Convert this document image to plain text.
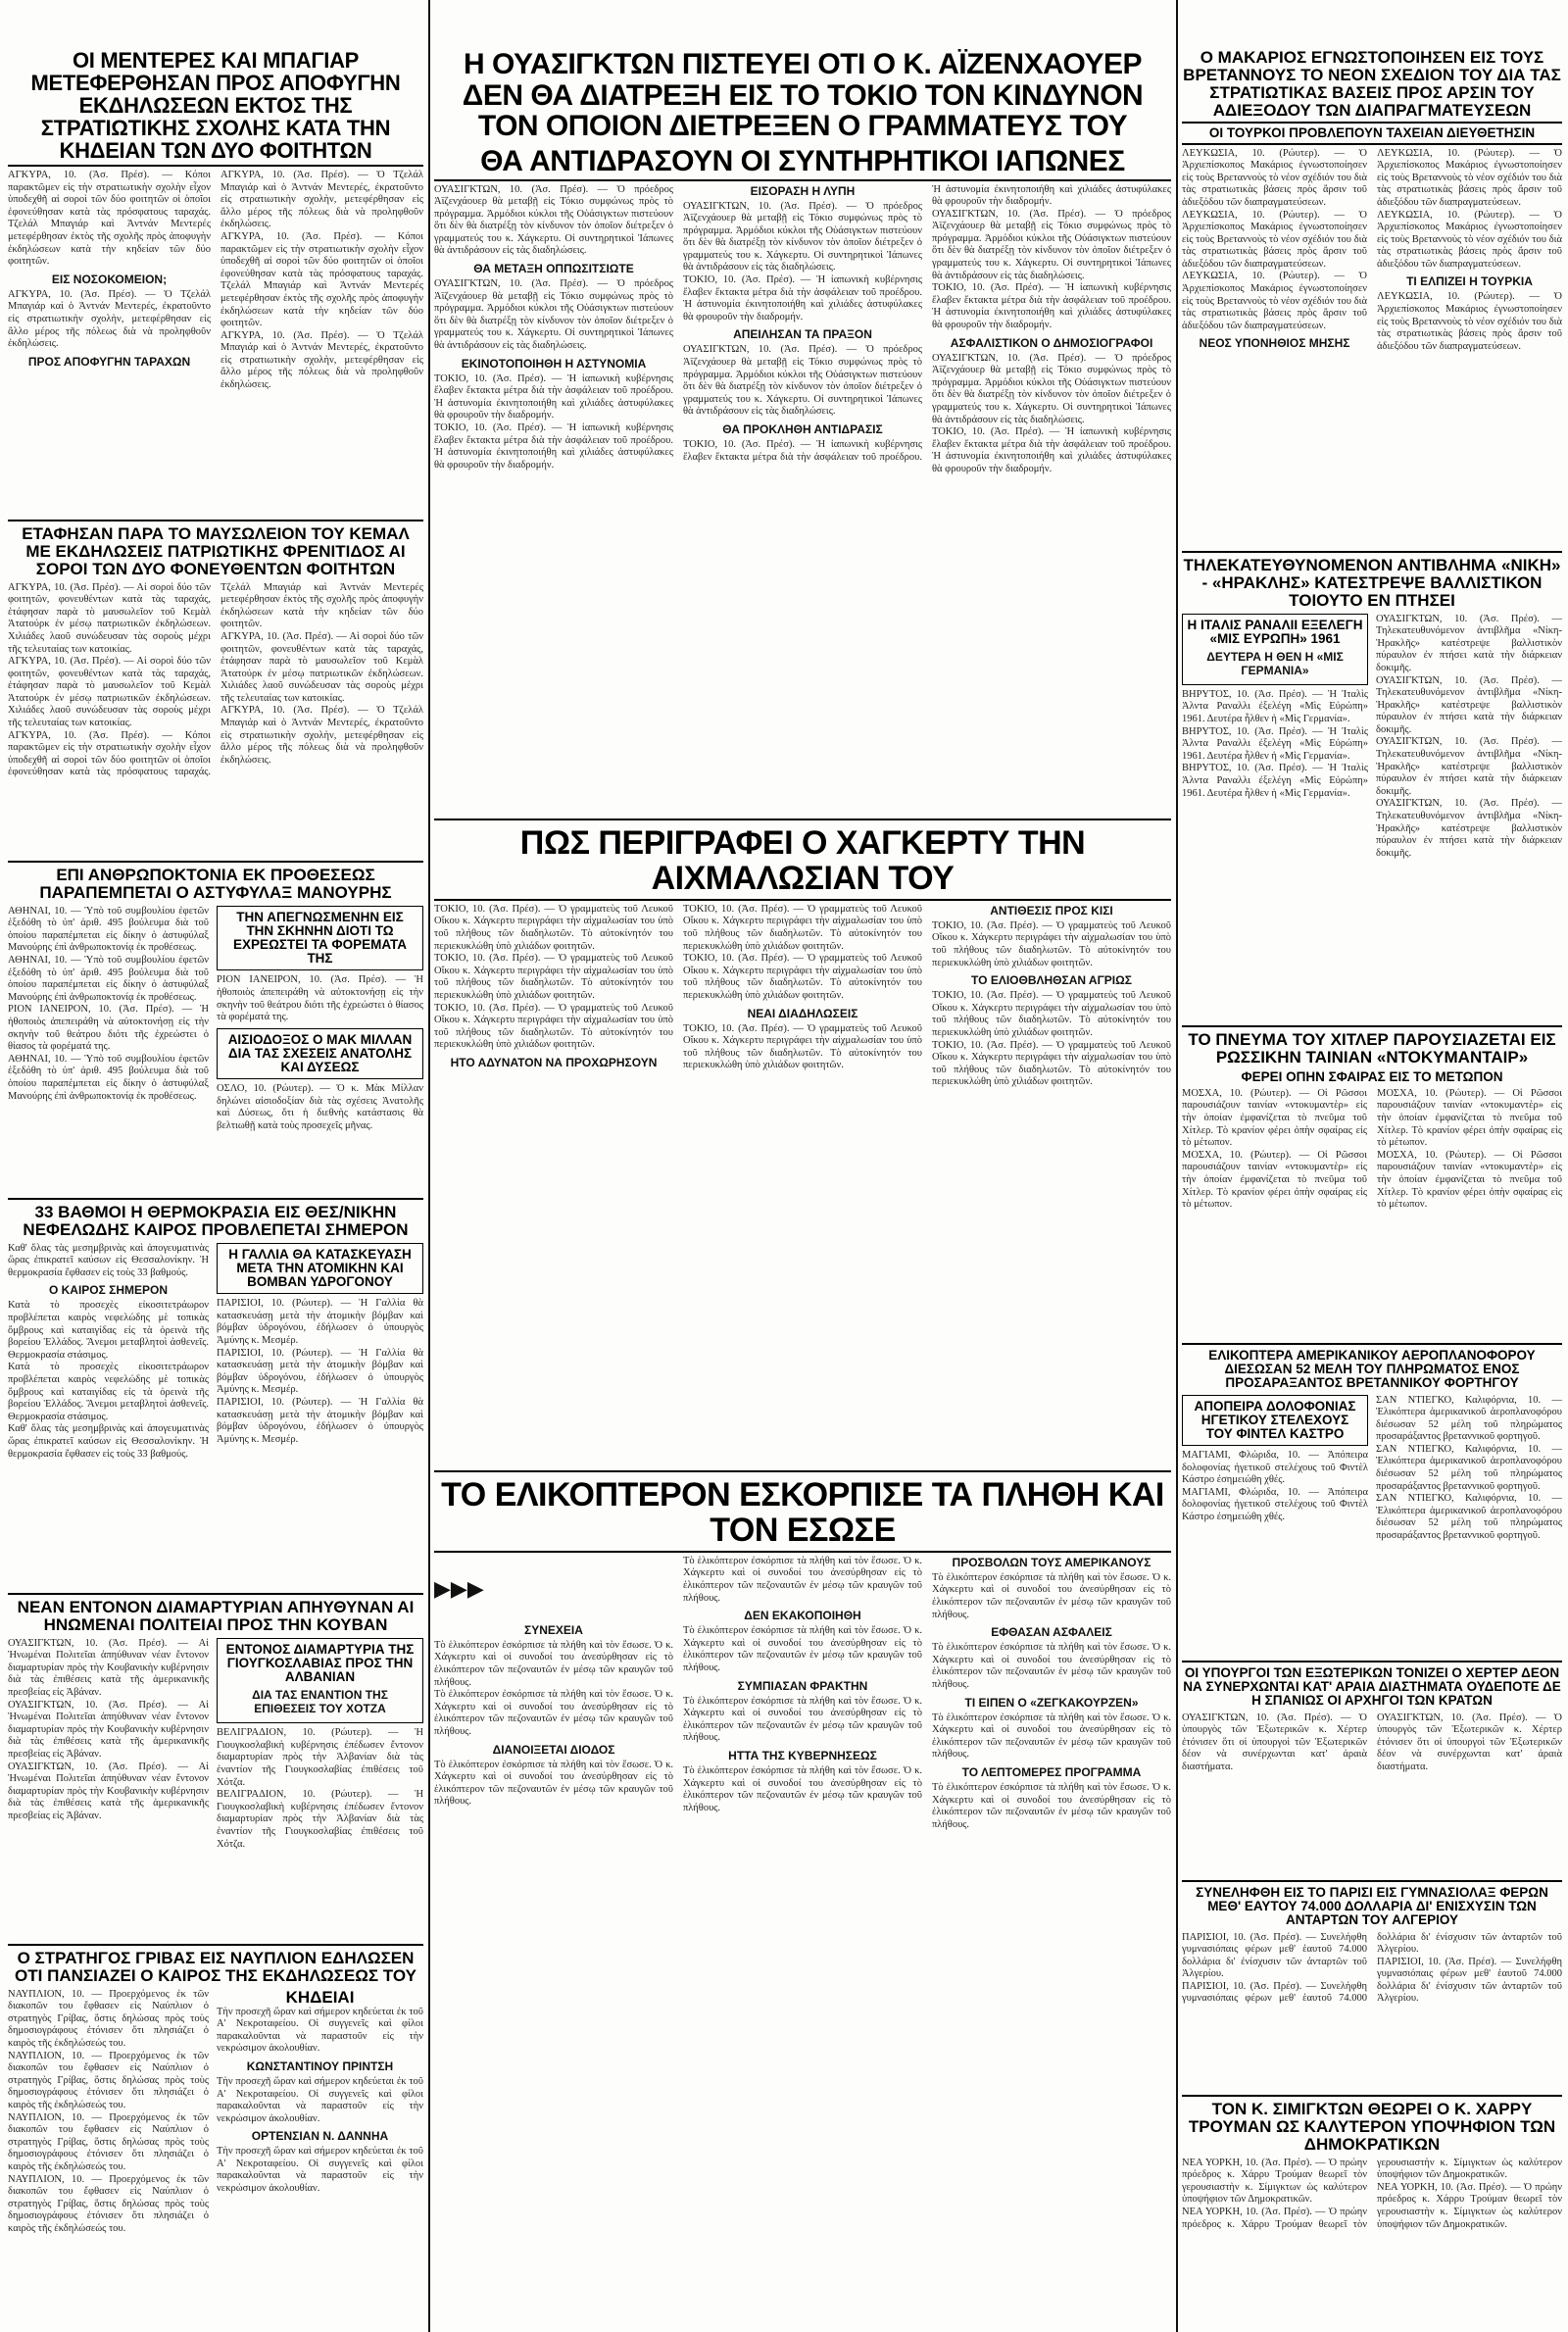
ΟΙ ΜΕΝΤΕΡΕΣ ΚΑΙ ΜΠΑΓΙΑΡ ΜΕΤΕΦΕΡΘΗΣΑΝ ΠΡΟΣ ΑΠΟΦΥΓΗΝ ΕΚΔΗΛΩΣΕΩΝ ΕΚΤΟΣ ΤΗΣ ΣΤΡΑΤΙΩΤΙΚΗΣ ΣΧΟΛΗΣ ΚΑΤΑ ΤΗΝ ΚΗΔΕΙΑΝ ΤΩΝ ΔΥΟ ΦΟΙΤΗΤΩΝ

ΑΓΚΥΡΑ, 10. (Ἀσ. Πρέσ). — Κόποι παρακτῶμεν εἰς τὴν στρατιωτικὴν σχολὴν εἶχον ὑποδεχθῆ αἱ σοροὶ τῶν δύο φοιτητῶν οἱ ὁποῖοι ἐφονεύθησαν κατὰ τὰς πρόσφατους ταραχάς. Τζελάλ Μπαγιάρ καὶ Ἀντνάν Μεντερές μετεφέρθησαν ἐκτὸς τῆς σχολῆς πρὸς ἀποφυγὴν ἐκδηλώσεων κατὰ τὴν κηδείαν τῶν δύο φοιτητῶν.

ΕΙΣ ΝΟΣΟΚΟΜΕΙΟΝ;

ΑΓΚΥΡΑ, 10. (Ἀσ. Πρέσ). — Ὁ Τζελάλ Μπαγιάρ καὶ ὁ Ἀντνάν Μεντερές, ἐκρατοῦντο εἰς στρατιωτικὴν σχολὴν, μετεφέρθησαν εἰς ἄλλο μέρος τῆς πόλεως διὰ νὰ προληφθοῦν ἐκδηλώσεις.

ΠΡΟΣ ΑΠΟΦΥΓΗΝ ΤΑΡΑΧΩΝ

ΑΓΚΥΡΑ, 10. (Ἀσ. Πρέσ). — Ὁ Τζελάλ Μπαγιάρ καὶ ὁ Ἀντνάν Μεντερές, ἐκρατοῦντο εἰς στρατιωτικὴν σχολὴν, μετεφέρθησαν εἰς ἄλλο μέρος τῆς πόλεως διὰ νὰ προληφθοῦν ἐκδηλώσεις.

ΑΓΚΥΡΑ, 10. (Ἀσ. Πρέσ). — Κόποι παρακτῶμεν εἰς τὴν στρατιωτικὴν σχολὴν εἶχον ὑποδεχθῆ αἱ σοροὶ τῶν δύο φοιτητῶν οἱ ὁποῖοι ἐφονεύθησαν κατὰ τὰς πρόσφατους ταραχάς. Τζελάλ Μπαγιάρ καὶ Ἀντνάν Μεντερές μετεφέρθησαν ἐκτὸς τῆς σχολῆς πρὸς ἀποφυγὴν ἐκδηλώσεων κατὰ τὴν κηδείαν τῶν δύο φοιτητῶν.

ΑΓΚΥΡΑ, 10. (Ἀσ. Πρέσ). — Ὁ Τζελάλ Μπαγιάρ καὶ ὁ Ἀντνάν Μεντερές, ἐκρατοῦντο εἰς στρατιωτικὴν σχολὴν, μετεφέρθησαν εἰς ἄλλο μέρος τῆς πόλεως διὰ νὰ προληφθοῦν ἐκδηλώσεις.

ΕΤΑΦΗΣΑΝ ΠΑΡΑ ΤΟ ΜΑΥΣΩΛΕΙΟΝ ΤΟΥ ΚΕΜΑΛ ΜΕ ΕΚΔΗΛΩΣΕΙΣ ΠΑΤΡΙΩΤΙΚΗΣ ΦΡΕΝΙΤΙΔΟΣ ΑΙ ΣΟΡΟΙ ΤΩΝ ΔΥΟ ΦΟΝΕΥΘΕΝΤΩΝ ΦΟΙΤΗΤΩΝ

ΑΓΚΥΡΑ, 10. (Ἀσ. Πρέσ). — Αἱ σοροὶ δύο τῶν φοιτητῶν, φονευθέντων κατὰ τὰς ταραχάς, ἐτάφησαν παρὰ τὸ μαυσωλεῖον τοῦ Κεμὰλ Ἀτατούρκ ἐν μέσῳ πατριωτικῶν ἐκδηλώσεων. Χιλιάδες λαοῦ συνώδευσαν τὰς σοροὺς μέχρι τῆς τελευταίας των κατοικίας.

ΑΓΚΥΡΑ, 10. (Ἀσ. Πρέσ). — Αἱ σοροὶ δύο τῶν φοιτητῶν, φονευθέντων κατὰ τὰς ταραχάς, ἐτάφησαν παρὰ τὸ μαυσωλεῖον τοῦ Κεμὰλ Ἀτατούρκ ἐν μέσῳ πατριωτικῶν ἐκδηλώσεων. Χιλιάδες λαοῦ συνώδευσαν τὰς σοροὺς μέχρι τῆς τελευταίας των κατοικίας.

ΑΓΚΥΡΑ, 10. (Ἀσ. Πρέσ). — Κόποι παρακτῶμεν εἰς τὴν στρατιωτικὴν σχολὴν εἶχον ὑποδεχθῆ αἱ σοροὶ τῶν δύο φοιτητῶν οἱ ὁποῖοι ἐφονεύθησαν κατὰ τὰς πρόσφατους ταραχάς. Τζελάλ Μπαγιάρ καὶ Ἀντνάν Μεντερές μετεφέρθησαν ἐκτὸς τῆς σχολῆς πρὸς ἀποφυγὴν ἐκδηλώσεων κατὰ τὴν κηδείαν τῶν δύο φοιτητῶν.

ΑΓΚΥΡΑ, 10. (Ἀσ. Πρέσ). — Αἱ σοροὶ δύο τῶν φοιτητῶν, φονευθέντων κατὰ τὰς ταραχάς, ἐτάφησαν παρὰ τὸ μαυσωλεῖον τοῦ Κεμὰλ Ἀτατούρκ ἐν μέσῳ πατριωτικῶν ἐκδηλώσεων. Χιλιάδες λαοῦ συνώδευσαν τὰς σοροὺς μέχρι τῆς τελευταίας των κατοικίας.

ΑΓΚΥΡΑ, 10. (Ἀσ. Πρέσ). — Ὁ Τζελάλ Μπαγιάρ καὶ ὁ Ἀντνάν Μεντερές, ἐκρατοῦντο εἰς στρατιωτικὴν σχολὴν, μετεφέρθησαν εἰς ἄλλο μέρος τῆς πόλεως διὰ νὰ προληφθοῦν ἐκδηλώσεις.

ΕΠΙ ΑΝΘΡΩΠΟΚΤΟΝΙΑ ΕΚ ΠΡΟΘΕΣΕΩΣ ΠΑΡΑΠΕΜΠΕΤΑΙ Ο ΑΣΤΥΦΥΛΑΞ ΜΑΝΟΥΡΗΣ

ΑΘΗΝΑΙ, 10. — Ὑπὸ τοῦ συμβουλίου ἐφετῶν ἐξεδόθη τὸ ὑπ' ἀριθ. 495 βούλευμα διὰ τοῦ ὁποίου παραπέμπεται εἰς δίκην ὁ ἀστυφύλαξ Μανούρης ἐπὶ ἀνθρωποκτονίᾳ ἐκ προθέσεως.

ΑΘΗΝΑΙ, 10. — Ὑπὸ τοῦ συμβουλίου ἐφετῶν ἐξεδόθη τὸ ὑπ' ἀριθ. 495 βούλευμα διὰ τοῦ ὁποίου παραπέμπεται εἰς δίκην ὁ ἀστυφύλαξ Μανούρης ἐπὶ ἀνθρωποκτονίᾳ ἐκ προθέσεως.

ΡΙΟΝ ΙΑΝΕΙΡΟΝ, 10. (Ἀσ. Πρέσ). — Ἡ ἠθοποιὸς ἀπεπειράθη νὰ αὐτοκτονήσῃ εἰς τὴν σκηνὴν τοῦ θεάτρου διότι τῆς ἐχρεώστει ὁ θίασος τὰ φορέματά της.

ΑΘΗΝΑΙ, 10. — Ὑπὸ τοῦ συμβουλίου ἐφετῶν ἐξεδόθη τὸ ὑπ' ἀριθ. 495 βούλευμα διὰ τοῦ ὁποίου παραπέμπεται εἰς δίκην ὁ ἀστυφύλαξ Μανούρης ἐπὶ ἀνθρωποκτονίᾳ ἐκ προθέσεως.

ΤΗΝ ΑΠΕΓΝΩΣΜΕΝΗΝ ΕΙΣ ΤΗΝ ΣΚΗΝΗΝ ΔΙΟΤΙ ΤΩ ΕΧΡΕΩΣΤΕΙ ΤΑ ΦΟΡΕΜΑΤΑ ΤΗΣ

ΡΙΟΝ ΙΑΝΕΙΡΟΝ, 10. (Ἀσ. Πρέσ). — Ἡ ἠθοποιὸς ἀπεπειράθη νὰ αὐτοκτονήσῃ εἰς τὴν σκηνὴν τοῦ θεάτρου διότι τῆς ἐχρεώστει ὁ θίασος τὰ φορέματά της.

ΑΙΣΙΟΔΟΞΟΣ Ο ΜΑΚ ΜΙΛΛΑΝ ΔΙΑ ΤΑΣ ΣΧΕΣΕΙΣ ΑΝΑΤΟΛΗΣ ΚΑΙ ΔΥΣΕΩΣ

ΟΣΛΟ, 10. (Ρώυτερ). — Ὁ κ. Μὰκ Μίλλαν δηλώνει αἰσιοδοξίαν διὰ τὰς σχέσεις Ἀνατολῆς καὶ Δύσεως, ὅτι ἡ διεθνὴς κατάστασις θὰ βελτιωθῇ κατὰ τοὺς προσεχεῖς μῆνας.

33 ΒΑΘΜΟΙ Η ΘΕΡΜΟΚΡΑΣΙΑ ΕΙΣ ΘΕΣ/ΝΙΚΗΝ ΝΕΦΕΛΩΔΗΣ ΚΑΙΡΟΣ ΠΡΟΒΛΕΠΕΤΑΙ ΣΗΜΕΡΟΝ

Καθ' ὅλας τὰς μεσημβρινὰς καὶ ἀπογευματινὰς ὥρας ἐπικρατεῖ καύσων εἰς Θεσσαλονίκην. Ἡ θερμοκρασία ἔφθασεν εἰς τοὺς 33 βαθμούς.

Ο ΚΑΙΡΟΣ ΣΗΜΕΡΟΝ

Κατὰ τὸ προσεχὲς εἰκοσιτετράωρον προβλέπεται καιρὸς νεφελώδης μὲ τοπικὰς ὄμβρους καὶ καταιγίδας εἰς τὰ ὀρεινὰ τῆς βορείου Ἑλλάδος. Ἄνεμοι μεταβλητοὶ ἀσθενεῖς. Θερμοκρασία στάσιμος.

Κατὰ τὸ προσεχὲς εἰκοσιτετράωρον προβλέπεται καιρὸς νεφελώδης μὲ τοπικὰς ὄμβρους καὶ καταιγίδας εἰς τὰ ὀρεινὰ τῆς βορείου Ἑλλάδος. Ἄνεμοι μεταβλητοὶ ἀσθενεῖς. Θερμοκρασία στάσιμος.

Καθ' ὅλας τὰς μεσημβρινὰς καὶ ἀπογευματινὰς ὥρας ἐπικρατεῖ καύσων εἰς Θεσσαλονίκην. Ἡ θερμοκρασία ἔφθασεν εἰς τοὺς 33 βαθμούς.

Η ΓΑΛΛΙΑ ΘΑ ΚΑΤΑΣΚΕΥΑΣΗ ΜΕΤΑ ΤΗΝ ΑΤΟΜΙΚΗΝ ΚΑΙ ΒΟΜΒΑΝ ΥΔΡΟΓΟΝΟΥ

ΠΑΡΙΣΙΟΙ, 10. (Ρώυτερ). — Ἡ Γαλλία θὰ κατασκευάσῃ μετὰ τὴν ἀτομικὴν βόμβαν καὶ βόμβαν ὑδρογόνου, ἐδήλωσεν ὁ ὑπουργὸς Ἀμύνης κ. Μεσμέρ.

ΠΑΡΙΣΙΟΙ, 10. (Ρώυτερ). — Ἡ Γαλλία θὰ κατασκευάσῃ μετὰ τὴν ἀτομικὴν βόμβαν καὶ βόμβαν ὑδρογόνου, ἐδήλωσεν ὁ ὑπουργὸς Ἀμύνης κ. Μεσμέρ.

ΠΑΡΙΣΙΟΙ, 10. (Ρώυτερ). — Ἡ Γαλλία θὰ κατασκευάσῃ μετὰ τὴν ἀτομικὴν βόμβαν καὶ βόμβαν ὑδρογόνου, ἐδήλωσεν ὁ ὑπουργὸς Ἀμύνης κ. Μεσμέρ.

ΝΕΑΝ ΕΝΤΟΝΟΝ ΔΙΑΜΑΡΤΥΡΙΑΝ ΑΠΗΥΘΥΝΑΝ ΑΙ ΗΝΩΜΕΝΑΙ ΠΟΛΙΤΕΙΑΙ ΠΡΟΣ ΤΗΝ ΚΟΥΒΑΝ

ΟΥΑΣΙΓΚΤΩΝ, 10. (Ἀσ. Πρέσ). — Αἱ Ἡνωμέναι Πολιτεῖαι ἀπηύθυναν νέαν ἔντονον διαμαρτυρίαν πρὸς τὴν Κουβανικὴν κυβέρνησιν διὰ τὰς ἐπιθέσεις κατὰ τῆς ἀμερικανικῆς πρεσβείας εἰς Ἀβάναν.

ΟΥΑΣΙΓΚΤΩΝ, 10. (Ἀσ. Πρέσ). — Αἱ Ἡνωμέναι Πολιτεῖαι ἀπηύθυναν νέαν ἔντονον διαμαρτυρίαν πρὸς τὴν Κουβανικὴν κυβέρνησιν διὰ τὰς ἐπιθέσεις κατὰ τῆς ἀμερικανικῆς πρεσβείας εἰς Ἀβάναν.

ΟΥΑΣΙΓΚΤΩΝ, 10. (Ἀσ. Πρέσ). — Αἱ Ἡνωμέναι Πολιτεῖαι ἀπηύθυναν νέαν ἔντονον διαμαρτυρίαν πρὸς τὴν Κουβανικὴν κυβέρνησιν διὰ τὰς ἐπιθέσεις κατὰ τῆς ἀμερικανικῆς πρεσβείας εἰς Ἀβάναν.

ΕΝΤΟΝΟΣ ΔΙΑΜΑΡΤΥΡΙΑ ΤΗΣ ΓΙΟΥΓΚΟΣΛΑΒΙΑΣ ΠΡΟΣ ΤΗΝ ΑΛΒΑΝΙΑΝ

ΔΙΑ ΤΑΣ ΕΝΑΝΤΙΟΝ ΤΗΣ ΕΠΙΘΕΣΕΙΣ ΤΟΥ ΧΟΤΖΑ

ΒΕΛΙΓΡΑΔΙΟΝ, 10. (Ρώυτερ). — Ἡ Γιουγκοσλαβικὴ κυβέρνησις ἐπέδωσεν ἔντονον διαμαρτυρίαν πρὸς τὴν Ἀλβανίαν διὰ τὰς ἐναντίον τῆς Γιουγκοσλαβίας ἐπιθέσεις τοῦ Χότζα.

ΒΕΛΙΓΡΑΔΙΟΝ, 10. (Ρώυτερ). — Ἡ Γιουγκοσλαβικὴ κυβέρνησις ἐπέδωσεν ἔντονον διαμαρτυρίαν πρὸς τὴν Ἀλβανίαν διὰ τὰς ἐναντίον τῆς Γιουγκοσλαβίας ἐπιθέσεις τοῦ Χότζα.

Ο ΣΤΡΑΤΗΓΟΣ ΓΡΙΒΑΣ ΕΙΣ ΝΑΥΠΛΙΟΝ ΕΔΗΛΩΣΕΝ ΟΤΙ ΠΑΝΣΙΑΖΕΙ Ο ΚΑΙΡΟΣ ΤΗΣ ΕΚΔΗΛΩΣΕΩΣ ΤΟΥ

ΝΑΥΠΛΙΟΝ, 10. — Προερχόμενος ἐκ τῶν διακοπῶν του ἔφθασεν εἰς Ναύπλιον ὁ στρατηγὸς Γρίβας, ὅστις δηλώσας πρὸς τοὺς δημοσιογράφους ἐτόνισεν ὅτι πλησιάζει ὁ καιρὸς τῆς ἐκδηλώσεώς του.

ΝΑΥΠΛΙΟΝ, 10. — Προερχόμενος ἐκ τῶν διακοπῶν του ἔφθασεν εἰς Ναύπλιον ὁ στρατηγὸς Γρίβας, ὅστις δηλώσας πρὸς τοὺς δημοσιογράφους ἐτόνισεν ὅτι πλησιάζει ὁ καιρὸς τῆς ἐκδηλώσεώς του.

ΝΑΥΠΛΙΟΝ, 10. — Προερχόμενος ἐκ τῶν διακοπῶν του ἔφθασεν εἰς Ναύπλιον ὁ στρατηγὸς Γρίβας, ὅστις δηλώσας πρὸς τοὺς δημοσιογράφους ἐτόνισεν ὅτι πλησιάζει ὁ καιρὸς τῆς ἐκδηλώσεώς του.

ΝΑΥΠΛΙΟΝ, 10. — Προερχόμενος ἐκ τῶν διακοπῶν του ἔφθασεν εἰς Ναύπλιον ὁ στρατηγὸς Γρίβας, ὅστις δηλώσας πρὸς τοὺς δημοσιογράφους ἐτόνισεν ὅτι πλησιάζει ὁ καιρὸς τῆς ἐκδηλώσεώς του.

ΚΗΔΕΙΑΙ

Τὴν προσεχῆ ὥραν καὶ σήμερον κηδεύεται ἐκ τοῦ Α' Νεκροταφείου. Οἱ συγγενεῖς καὶ φίλοι παρακαλοῦνται νὰ παραστοῦν εἰς τὴν νεκρώσιμον ἀκολουθίαν.

ΚΩΝΣΤΑΝΤΙΝΟΥ ΠΡΙΝΤΣΗ

Τὴν προσεχῆ ὥραν καὶ σήμερον κηδεύεται ἐκ τοῦ Α' Νεκροταφείου. Οἱ συγγενεῖς καὶ φίλοι παρακαλοῦνται νὰ παραστοῦν εἰς τὴν νεκρώσιμον ἀκολουθίαν.

ΟΡΤΕΝΣΙΑΝ Ν. ΔΑΝΝΗΑ

Τὴν προσεχῆ ὥραν καὶ σήμερον κηδεύεται ἐκ τοῦ Α' Νεκροταφείου. Οἱ συγγενεῖς καὶ φίλοι παρακαλοῦνται νὰ παραστοῦν εἰς τὴν νεκρώσιμον ἀκολουθίαν.

Η ΟΥΑΣΙΓΚΤΩΝ ΠΙΣΤΕΥΕΙ ΟΤΙ Ο Κ. ΑΪΖΕΝΧΑΟΥΕΡ ΔΕΝ ΘΑ ΔΙΑΤΡΕΞΗ ΕΙΣ ΤΟ ΤΟΚΙΟ ΤΟΝ ΚΙΝΔΥΝΟΝ ΤΟΝ ΟΠΟΙΟΝ ΔΙΕΤΡΕΞΕΝ Ο ΓΡΑΜΜΑΤΕΥΣ ΤΟΥ
ΘΑ ΑΝΤΙΔΡΑΣΟΥΝ ΟΙ ΣΥΝΤΗΡΗΤΙΚΟΙ ΙΑΠΩΝΕΣ

ΟΥΑΣΙΓΚΤΩΝ, 10. (Ἀσ. Πρέσ). — Ὁ πρόεδρος Ἀϊζενχάουερ θὰ μεταβῇ εἰς Τόκιο συμφώνως πρὸς τὸ πρόγραμμα. Ἀρμόδιοι κύκλοι τῆς Οὐάσιγκτων πιστεύουν ὅτι δὲν θὰ διατρέξῃ τὸν κίνδυνον τὸν ὁποῖον διέτρεξεν ὁ γραμματεύς του κ. Χάγκερτυ. Οἱ συντηρητικοὶ Ἰάπωνες θὰ ἀντιδράσουν εἰς τὰς διαδηλώσεις.

ΘΑ ΜΕΤΑΞΗ ΟΠΠΩΣΙΤΣΙΩΤΕ

ΟΥΑΣΙΓΚΤΩΝ, 10. (Ἀσ. Πρέσ). — Ὁ πρόεδρος Ἀϊζενχάουερ θὰ μεταβῇ εἰς Τόκιο συμφώνως πρὸς τὸ πρόγραμμα. Ἀρμόδιοι κύκλοι τῆς Οὐάσιγκτων πιστεύουν ὅτι δὲν θὰ διατρέξῃ τὸν κίνδυνον τὸν ὁποῖον διέτρεξεν ὁ γραμματεύς του κ. Χάγκερτυ. Οἱ συντηρητικοὶ Ἰάπωνες θὰ ἀντιδράσουν εἰς τὰς διαδηλώσεις.

ΕΚΙΝΟΤΟΠΟΙΗΘΗ Η ΑΣΤΥΝΟΜΙΑ

ΤΟΚΙΟ, 10. (Ἀσ. Πρέσ). — Ἡ ἰαπωνικὴ κυβέρνησις ἔλαβεν ἔκτακτα μέτρα διὰ τὴν ἀσφάλειαν τοῦ προέδρου. Ἡ ἀστυνομία ἐκινητοποιήθη καὶ χιλιάδες ἀστυφύλακες θὰ φρουροῦν τὴν διαδρομήν.

ΤΟΚΙΟ, 10. (Ἀσ. Πρέσ). — Ἡ ἰαπωνικὴ κυβέρνησις ἔλαβεν ἔκτακτα μέτρα διὰ τὴν ἀσφάλειαν τοῦ προέδρου. Ἡ ἀστυνομία ἐκινητοποιήθη καὶ χιλιάδες ἀστυφύλακες θὰ φρουροῦν τὴν διαδρομήν.

ΕΙΣΟΡΑΣΗ Η ΛΥΠΗ

ΟΥΑΣΙΓΚΤΩΝ, 10. (Ἀσ. Πρέσ). — Ὁ πρόεδρος Ἀϊζενχάουερ θὰ μεταβῇ εἰς Τόκιο συμφώνως πρὸς τὸ πρόγραμμα. Ἀρμόδιοι κύκλοι τῆς Οὐάσιγκτων πιστεύουν ὅτι δὲν θὰ διατρέξῃ τὸν κίνδυνον τὸν ὁποῖον διέτρεξεν ὁ γραμματεύς του κ. Χάγκερτυ. Οἱ συντηρητικοὶ Ἰάπωνες θὰ ἀντιδράσουν εἰς τὰς διαδηλώσεις.

ΤΟΚΙΟ, 10. (Ἀσ. Πρέσ). — Ἡ ἰαπωνικὴ κυβέρνησις ἔλαβεν ἔκτακτα μέτρα διὰ τὴν ἀσφάλειαν τοῦ προέδρου. Ἡ ἀστυνομία ἐκινητοποιήθη καὶ χιλιάδες ἀστυφύλακες θὰ φρουροῦν τὴν διαδρομήν.

ΑΠΕΙΛΗΣΑΝ ΤΑ ΠΡΑΞΟΝ

ΟΥΑΣΙΓΚΤΩΝ, 10. (Ἀσ. Πρέσ). — Ὁ πρόεδρος Ἀϊζενχάουερ θὰ μεταβῇ εἰς Τόκιο συμφώνως πρὸς τὸ πρόγραμμα. Ἀρμόδιοι κύκλοι τῆς Οὐάσιγκτων πιστεύουν ὅτι δὲν θὰ διατρέξῃ τὸν κίνδυνον τὸν ὁποῖον διέτρεξεν ὁ γραμματεύς του κ. Χάγκερτυ. Οἱ συντηρητικοὶ Ἰάπωνες θὰ ἀντιδράσουν εἰς τὰς διαδηλώσεις.

ΘΑ ΠΡΟΚΛΗΘΗ ΑΝΤΙΔΡΑΣΙΣ

ΤΟΚΙΟ, 10. (Ἀσ. Πρέσ). — Ἡ ἰαπωνικὴ κυβέρνησις ἔλαβεν ἔκτακτα μέτρα διὰ τὴν ἀσφάλειαν τοῦ προέδρου. Ἡ ἀστυνομία ἐκινητοποιήθη καὶ χιλιάδες ἀστυφύλακες θὰ φρουροῦν τὴν διαδρομήν.

ΟΥΑΣΙΓΚΤΩΝ, 10. (Ἀσ. Πρέσ). — Ὁ πρόεδρος Ἀϊζενχάουερ θὰ μεταβῇ εἰς Τόκιο συμφώνως πρὸς τὸ πρόγραμμα. Ἀρμόδιοι κύκλοι τῆς Οὐάσιγκτων πιστεύουν ὅτι δὲν θὰ διατρέξῃ τὸν κίνδυνον τὸν ὁποῖον διέτρεξεν ὁ γραμματεύς του κ. Χάγκερτυ. Οἱ συντηρητικοὶ Ἰάπωνες θὰ ἀντιδράσουν εἰς τὰς διαδηλώσεις.

ΤΟΚΙΟ, 10. (Ἀσ. Πρέσ). — Ἡ ἰαπωνικὴ κυβέρνησις ἔλαβεν ἔκτακτα μέτρα διὰ τὴν ἀσφάλειαν τοῦ προέδρου. Ἡ ἀστυνομία ἐκινητοποιήθη καὶ χιλιάδες ἀστυφύλακες θὰ φρουροῦν τὴν διαδρομήν.

ΑΣΦΑΛΙΣΤΙΚΟΝ Ο ΔΗΜΟΣΙΟΓΡΑΦΟΙ

ΟΥΑΣΙΓΚΤΩΝ, 10. (Ἀσ. Πρέσ). — Ὁ πρόεδρος Ἀϊζενχάουερ θὰ μεταβῇ εἰς Τόκιο συμφώνως πρὸς τὸ πρόγραμμα. Ἀρμόδιοι κύκλοι τῆς Οὐάσιγκτων πιστεύουν ὅτι δὲν θὰ διατρέξῃ τὸν κίνδυνον τὸν ὁποῖον διέτρεξεν ὁ γραμματεύς του κ. Χάγκερτυ. Οἱ συντηρητικοὶ Ἰάπωνες θὰ ἀντιδράσουν εἰς τὰς διαδηλώσεις.

ΤΟΚΙΟ, 10. (Ἀσ. Πρέσ). — Ἡ ἰαπωνικὴ κυβέρνησις ἔλαβεν ἔκτακτα μέτρα διὰ τὴν ἀσφάλειαν τοῦ προέδρου. Ἡ ἀστυνομία ἐκινητοποιήθη καὶ χιλιάδες ἀστυφύλακες θὰ φρουροῦν τὴν διαδρομήν.

ΠΩΣ ΠΕΡΙΓΡΑΦΕΙ Ο ΧΑΓΚΕΡΤΥ ΤΗΝ ΑΙΧΜΑΛΩΣΙΑΝ ΤΟΥ

ΤΟΚΙΟ, 10. (Ἀσ. Πρέσ). — Ὁ γραμματεὺς τοῦ Λευκοῦ Οἴκου κ. Χάγκερτυ περιγράφει τὴν αἰχμαλωσίαν του ὑπὸ τοῦ πλήθους τῶν διαδηλωτῶν. Τὸ αὐτοκίνητόν του περιεκυκλώθη ὑπὸ χιλιάδων φοιτητῶν.

ΤΟΚΙΟ, 10. (Ἀσ. Πρέσ). — Ὁ γραμματεὺς τοῦ Λευκοῦ Οἴκου κ. Χάγκερτυ περιγράφει τὴν αἰχμαλωσίαν του ὑπὸ τοῦ πλήθους τῶν διαδηλωτῶν. Τὸ αὐτοκίνητόν του περιεκυκλώθη ὑπὸ χιλιάδων φοιτητῶν.

ΤΟΚΙΟ, 10. (Ἀσ. Πρέσ). — Ὁ γραμματεὺς τοῦ Λευκοῦ Οἴκου κ. Χάγκερτυ περιγράφει τὴν αἰχμαλωσίαν του ὑπὸ τοῦ πλήθους τῶν διαδηλωτῶν. Τὸ αὐτοκίνητόν του περιεκυκλώθη ὑπὸ χιλιάδων φοιτητῶν.

ΗΤΟ ΑΔΥΝΑΤΟΝ ΝΑ ΠΡΟΧΩΡΗΣΟΥΝ

ΤΟΚΙΟ, 10. (Ἀσ. Πρέσ). — Ὁ γραμματεὺς τοῦ Λευκοῦ Οἴκου κ. Χάγκερτυ περιγράφει τὴν αἰχμαλωσίαν του ὑπὸ τοῦ πλήθους τῶν διαδηλωτῶν. Τὸ αὐτοκίνητόν του περιεκυκλώθη ὑπὸ χιλιάδων φοιτητῶν.

ΤΟΚΙΟ, 10. (Ἀσ. Πρέσ). — Ὁ γραμματεὺς τοῦ Λευκοῦ Οἴκου κ. Χάγκερτυ περιγράφει τὴν αἰχμαλωσίαν του ὑπὸ τοῦ πλήθους τῶν διαδηλωτῶν. Τὸ αὐτοκίνητόν του περιεκυκλώθη ὑπὸ χιλιάδων φοιτητῶν.

ΝΕΑΙ ΔΙΑΔΗΛΩΣΕΙΣ

ΤΟΚΙΟ, 10. (Ἀσ. Πρέσ). — Ὁ γραμματεὺς τοῦ Λευκοῦ Οἴκου κ. Χάγκερτυ περιγράφει τὴν αἰχμαλωσίαν του ὑπὸ τοῦ πλήθους τῶν διαδηλωτῶν. Τὸ αὐτοκίνητόν του περιεκυκλώθη ὑπὸ χιλιάδων φοιτητῶν.

ΑΝΤΙΘΕΣΙΣ ΠΡΟΣ ΚΙΣΙ

ΤΟΚΙΟ, 10. (Ἀσ. Πρέσ). — Ὁ γραμματεὺς τοῦ Λευκοῦ Οἴκου κ. Χάγκερτυ περιγράφει τὴν αἰχμαλωσίαν του ὑπὸ τοῦ πλήθους τῶν διαδηλωτῶν. Τὸ αὐτοκίνητόν του περιεκυκλώθη ὑπὸ χιλιάδων φοιτητῶν.

ΤΟ ΕΛΙΟΘΒΛΗΘΣΑΝ ΑΓΡΙΩΣ

ΤΟΚΙΟ, 10. (Ἀσ. Πρέσ). — Ὁ γραμματεὺς τοῦ Λευκοῦ Οἴκου κ. Χάγκερτυ περιγράφει τὴν αἰχμαλωσίαν του ὑπὸ τοῦ πλήθους τῶν διαδηλωτῶν. Τὸ αὐτοκίνητόν του περιεκυκλώθη ὑπὸ χιλιάδων φοιτητῶν.

ΤΟΚΙΟ, 10. (Ἀσ. Πρέσ). — Ὁ γραμματεὺς τοῦ Λευκοῦ Οἴκου κ. Χάγκερτυ περιγράφει τὴν αἰχμαλωσίαν του ὑπὸ τοῦ πλήθους τῶν διαδηλωτῶν. Τὸ αὐτοκίνητόν του περιεκυκλώθη ὑπὸ χιλιάδων φοιτητῶν.

ΤΟ ΕΛΙΚΟΠΤΕΡΟΝ ΕΣΚΟΡΠΙΣΕ ΤΑ ΠΛΗΘΗ ΚΑΙ ΤΟΝ ΕΣΩΣΕ

▶▶▶

ΣΥΝΕΧΕΙΑ

Τὸ ἑλικόπτερον ἐσκόρπισε τὰ πλήθη καὶ τὸν ἔσωσε. Ὁ κ. Χάγκερτυ καὶ οἱ συνοδοί του ἀνεσύρθησαν εἰς τὸ ἑλικόπτερον τῶν πεζοναυτῶν ἐν μέσῳ τῶν κραυγῶν τοῦ πλήθους.

Τὸ ἑλικόπτερον ἐσκόρπισε τὰ πλήθη καὶ τὸν ἔσωσε. Ὁ κ. Χάγκερτυ καὶ οἱ συνοδοί του ἀνεσύρθησαν εἰς τὸ ἑλικόπτερον τῶν πεζοναυτῶν ἐν μέσῳ τῶν κραυγῶν τοῦ πλήθους.

ΔΙΑΝΟΙΞΕΤΑΙ ΔΙΟΔΟΣ

Τὸ ἑλικόπτερον ἐσκόρπισε τὰ πλήθη καὶ τὸν ἔσωσε. Ὁ κ. Χάγκερτυ καὶ οἱ συνοδοί του ἀνεσύρθησαν εἰς τὸ ἑλικόπτερον τῶν πεζοναυτῶν ἐν μέσῳ τῶν κραυγῶν τοῦ πλήθους.

Τὸ ἑλικόπτερον ἐσκόρπισε τὰ πλήθη καὶ τὸν ἔσωσε. Ὁ κ. Χάγκερτυ καὶ οἱ συνοδοί του ἀνεσύρθησαν εἰς τὸ ἑλικόπτερον τῶν πεζοναυτῶν ἐν μέσῳ τῶν κραυγῶν τοῦ πλήθους.

ΔΕΝ ΕΚΑΚΟΠΟΙΗΘΗ

Τὸ ἑλικόπτερον ἐσκόρπισε τὰ πλήθη καὶ τὸν ἔσωσε. Ὁ κ. Χάγκερτυ καὶ οἱ συνοδοί του ἀνεσύρθησαν εἰς τὸ ἑλικόπτερον τῶν πεζοναυτῶν ἐν μέσῳ τῶν κραυγῶν τοῦ πλήθους.

ΣΥΜΠΙΑΣΑΝ ΦΡΑΚΤΗΝ

Τὸ ἑλικόπτερον ἐσκόρπισε τὰ πλήθη καὶ τὸν ἔσωσε. Ὁ κ. Χάγκερτυ καὶ οἱ συνοδοί του ἀνεσύρθησαν εἰς τὸ ἑλικόπτερον τῶν πεζοναυτῶν ἐν μέσῳ τῶν κραυγῶν τοῦ πλήθους.

ΗΤΤΑ ΤΗΣ ΚΥΒΕΡΝΗΣΕΩΣ

Τὸ ἑλικόπτερον ἐσκόρπισε τὰ πλήθη καὶ τὸν ἔσωσε. Ὁ κ. Χάγκερτυ καὶ οἱ συνοδοί του ἀνεσύρθησαν εἰς τὸ ἑλικόπτερον τῶν πεζοναυτῶν ἐν μέσῳ τῶν κραυγῶν τοῦ πλήθους.

ΠΡΟΣΒΟΛΩΝ ΤΟΥΣ ΑΜΕΡΙΚΑΝΟΥΣ

Τὸ ἑλικόπτερον ἐσκόρπισε τὰ πλήθη καὶ τὸν ἔσωσε. Ὁ κ. Χάγκερτυ καὶ οἱ συνοδοί του ἀνεσύρθησαν εἰς τὸ ἑλικόπτερον τῶν πεζοναυτῶν ἐν μέσῳ τῶν κραυγῶν τοῦ πλήθους.

ΕΦΘΑΣΑΝ ΑΣΦΑΛΕΙΣ

Τὸ ἑλικόπτερον ἐσκόρπισε τὰ πλήθη καὶ τὸν ἔσωσε. Ὁ κ. Χάγκερτυ καὶ οἱ συνοδοί του ἀνεσύρθησαν εἰς τὸ ἑλικόπτερον τῶν πεζοναυτῶν ἐν μέσῳ τῶν κραυγῶν τοῦ πλήθους.

ΤΙ ΕΙΠΕΝ Ο «ΖΕΓΚΑΚΟΥΡΖΕΝ»

Τὸ ἑλικόπτερον ἐσκόρπισε τὰ πλήθη καὶ τὸν ἔσωσε. Ὁ κ. Χάγκερτυ καὶ οἱ συνοδοί του ἀνεσύρθησαν εἰς τὸ ἑλικόπτερον τῶν πεζοναυτῶν ἐν μέσῳ τῶν κραυγῶν τοῦ πλήθους.

ΤΟ ΛΕΠΤΟΜΕΡΕΣ ΠΡΟΓΡΑΜΜΑ

Τὸ ἑλικόπτερον ἐσκόρπισε τὰ πλήθη καὶ τὸν ἔσωσε. Ὁ κ. Χάγκερτυ καὶ οἱ συνοδοί του ἀνεσύρθησαν εἰς τὸ ἑλικόπτερον τῶν πεζοναυτῶν ἐν μέσῳ τῶν κραυγῶν τοῦ πλήθους.

Ο ΜΑΚΑΡΙΟΣ ΕΓΝΩΣΤΟΠΟΙΗΣΕΝ ΕΙΣ ΤΟΥΣ ΒΡΕΤΑΝΝΟΥΣ ΤΟ ΝΕΟΝ ΣΧΕΔΙΟΝ ΤΟΥ ΔΙΑ ΤΑΣ ΣΤΡΑΤΙΩΤΙΚΑΣ ΒΑΣΕΙΣ ΠΡΟΣ ΑΡΣΙΝ ΤΟΥ ΑΔΙΕΞΟΔΟΥ ΤΩΝ ΔΙΑΠΡΑΓΜΑΤΕΥΣΕΩΝ

ΟΙ ΤΟΥΡΚΟΙ ΠΡΟΒΛΕΠΟΥΝ ΤΑΧΕΙΑΝ ΔΙΕΥΘΕΤΗΣΙΝ

ΛΕΥΚΩΣΙΑ, 10. (Ρώυτερ). — Ὁ Ἀρχιεπίσκοπος Μακάριος ἐγνωστοποίησεν εἰς τοὺς Βρεταννοὺς τὸ νέον σχέδιόν του διὰ τὰς στρατιωτικὰς βάσεις πρὸς ἄρσιν τοῦ ἀδιεξόδου τῶν διαπραγματεύσεων.

ΛΕΥΚΩΣΙΑ, 10. (Ρώυτερ). — Ὁ Ἀρχιεπίσκοπος Μακάριος ἐγνωστοποίησεν εἰς τοὺς Βρεταννοὺς τὸ νέον σχέδιόν του διὰ τὰς στρατιωτικὰς βάσεις πρὸς ἄρσιν τοῦ ἀδιεξόδου τῶν διαπραγματεύσεων.

ΛΕΥΚΩΣΙΑ, 10. (Ρώυτερ). — Ὁ Ἀρχιεπίσκοπος Μακάριος ἐγνωστοποίησεν εἰς τοὺς Βρεταννοὺς τὸ νέον σχέδιόν του διὰ τὰς στρατιωτικὰς βάσεις πρὸς ἄρσιν τοῦ ἀδιεξόδου τῶν διαπραγματεύσεων.

ΝΕΟΣ ΥΠΟΝΗΘΙΟΣ ΜΗΣΗΣ

ΛΕΥΚΩΣΙΑ, 10. (Ρώυτερ). — Ὁ Ἀρχιεπίσκοπος Μακάριος ἐγνωστοποίησεν εἰς τοὺς Βρεταννοὺς τὸ νέον σχέδιόν του διὰ τὰς στρατιωτικὰς βάσεις πρὸς ἄρσιν τοῦ ἀδιεξόδου τῶν διαπραγματεύσεων.

ΛΕΥΚΩΣΙΑ, 10. (Ρώυτερ). — Ὁ Ἀρχιεπίσκοπος Μακάριος ἐγνωστοποίησεν εἰς τοὺς Βρεταννοὺς τὸ νέον σχέδιόν του διὰ τὰς στρατιωτικὰς βάσεις πρὸς ἄρσιν τοῦ ἀδιεξόδου τῶν διαπραγματεύσεων.

ΤΙ ΕΛΠΙΖΕΙ Η ΤΟΥΡΚΙΑ

ΛΕΥΚΩΣΙΑ, 10. (Ρώυτερ). — Ὁ Ἀρχιεπίσκοπος Μακάριος ἐγνωστοποίησεν εἰς τοὺς Βρεταννοὺς τὸ νέον σχέδιόν του διὰ τὰς στρατιωτικὰς βάσεις πρὸς ἄρσιν τοῦ ἀδιεξόδου τῶν διαπραγματεύσεων.

ΤΗΛΕΚΑΤΕΥΘΥΝΟΜΕΝΟΝ ΑΝΤΙΒΛΗΜΑ «ΝΙΚΗ» - «ΗΡΑΚΛΗΣ» ΚΑΤΕΣΤΡΕΨΕ ΒΑΛΛΙΣΤΙΚΟΝ ΤΟΙΟΥΤΟ ΕΝ ΠΤΗΣΕΙ

Η ΙΤΑΛΙΣ ΡΑΝΑΛΙΙ ΕΞΕΛΕΓΗ «ΜΙΣ ΕΥΡΩΠΗ» 1961

ΔΕΥΤΕΡΑ Η ΘΕΝ Η «ΜΙΣ ΓΕΡΜΑΝΙΑ»

ΒΗΡΥΤΟΣ, 10. (Ἀσ. Πρέσ). — Ἡ Ἰταλὶς Ἀλντα Ραναλλι ἐξελέγη «Μὶς Εὐρώπη» 1961. Δευτέρα ἦλθεν ἡ «Μὶς Γερμανία».

ΒΗΡΥΤΟΣ, 10. (Ἀσ. Πρέσ). — Ἡ Ἰταλὶς Ἀλντα Ραναλλι ἐξελέγη «Μὶς Εὐρώπη» 1961. Δευτέρα ἦλθεν ἡ «Μὶς Γερμανία».

ΒΗΡΥΤΟΣ, 10. (Ἀσ. Πρέσ). — Ἡ Ἰταλὶς Ἀλντα Ραναλλι ἐξελέγη «Μὶς Εὐρώπη» 1961. Δευτέρα ἦλθεν ἡ «Μὶς Γερμανία».

ΟΥΑΣΙΓΚΤΩΝ, 10. (Ἀσ. Πρέσ). — Τηλεκατευθυνόμενον ἀντιβλῆμα «Νίκη-Ἡρακλῆς» κατέστρεψε βαλλιστικὸν πύραυλον ἐν πτήσει κατὰ τὴν διάρκειαν δοκιμῆς.

ΟΥΑΣΙΓΚΤΩΝ, 10. (Ἀσ. Πρέσ). — Τηλεκατευθυνόμενον ἀντιβλῆμα «Νίκη-Ἡρακλῆς» κατέστρεψε βαλλιστικὸν πύραυλον ἐν πτήσει κατὰ τὴν διάρκειαν δοκιμῆς.

ΟΥΑΣΙΓΚΤΩΝ, 10. (Ἀσ. Πρέσ). — Τηλεκατευθυνόμενον ἀντιβλῆμα «Νίκη-Ἡρακλῆς» κατέστρεψε βαλλιστικὸν πύραυλον ἐν πτήσει κατὰ τὴν διάρκειαν δοκιμῆς.

ΟΥΑΣΙΓΚΤΩΝ, 10. (Ἀσ. Πρέσ). — Τηλεκατευθυνόμενον ἀντιβλῆμα «Νίκη-Ἡρακλῆς» κατέστρεψε βαλλιστικὸν πύραυλον ἐν πτήσει κατὰ τὴν διάρκειαν δοκιμῆς.

ΤΟ ΠΝΕΥΜΑ ΤΟΥ ΧΙΤΛΕΡ ΠΑΡΟΥΣΙΑΖΕΤΑΙ ΕΙΣ ΡΩΣΣΙΚΗΝ ΤΑΙΝΙΑΝ «ΝΤΟΚΥΜΑΝΤΑΙΡ»

ΦΕΡΕΙ ΟΠΗΝ ΣΦΑΙΡΑΣ ΕΙΣ ΤΟ ΜΕΤΩΠΟΝ

ΜΟΣΧΑ, 10. (Ρώυτερ). — Οἱ Ρῶσσοι παρουσιάζουν ταινίαν «ντοκυμαντὲρ» εἰς τὴν ὁποίαν ἐμφανίζεται τὸ πνεῦμα τοῦ Χίτλερ. Τὸ κρανίον φέρει ὀπὴν σφαίρας εἰς τὸ μέτωπον.

ΜΟΣΧΑ, 10. (Ρώυτερ). — Οἱ Ρῶσσοι παρουσιάζουν ταινίαν «ντοκυμαντὲρ» εἰς τὴν ὁποίαν ἐμφανίζεται τὸ πνεῦμα τοῦ Χίτλερ. Τὸ κρανίον φέρει ὀπὴν σφαίρας εἰς τὸ μέτωπον.

ΜΟΣΧΑ, 10. (Ρώυτερ). — Οἱ Ρῶσσοι παρουσιάζουν ταινίαν «ντοκυμαντὲρ» εἰς τὴν ὁποίαν ἐμφανίζεται τὸ πνεῦμα τοῦ Χίτλερ. Τὸ κρανίον φέρει ὀπὴν σφαίρας εἰς τὸ μέτωπον.

ΜΟΣΧΑ, 10. (Ρώυτερ). — Οἱ Ρῶσσοι παρουσιάζουν ταινίαν «ντοκυμαντὲρ» εἰς τὴν ὁποίαν ἐμφανίζεται τὸ πνεῦμα τοῦ Χίτλερ. Τὸ κρανίον φέρει ὀπὴν σφαίρας εἰς τὸ μέτωπον.

ΕΛΙΚΟΠΤΕΡΑ ΑΜΕΡΙΚΑΝΙΚΟΥ ΑΕΡΟΠΛΑΝΟΦΟΡΟΥ ΔΙΕΣΩΣΑΝ 52 ΜΕΛΗ ΤΟΥ ΠΛΗΡΩΜΑΤΟΣ ΕΝΟΣ ΠΡΟΣΑΡΑΞΑΝΤΟΣ ΒΡΕΤΑΝΝΙΚΟΥ ΦΟΡΤΗΓΟΥ

ΑΠΟΠΕΙΡΑ ΔΟΛΟΦΟΝΙΑΣ ΗΓΕΤΙΚΟΥ ΣΤΕΛΕΧΟΥΣ ΤΟΥ ΦΙΝΤΕΛ ΚΑΣΤΡΟ

ΜΑΓΙΑΜΙ, Φλώριδα, 10. — Ἀπόπειρα δολοφονίας ἡγετικοῦ στελέχους τοῦ Φιντὲλ Κάστρο ἐσημειώθη χθές.

ΜΑΓΙΑΜΙ, Φλώριδα, 10. — Ἀπόπειρα δολοφονίας ἡγετικοῦ στελέχους τοῦ Φιντὲλ Κάστρο ἐσημειώθη χθές.

ΣΑΝ ΝΤΙΕΓΚΟ, Καλιφόρνια, 10. — Ἑλικόπτερα ἀμερικανικοῦ ἀεροπλανοφόρου διέσωσαν 52 μέλη τοῦ πληρώματος προσαράξαντος βρεταννικοῦ φορτηγοῦ.

ΣΑΝ ΝΤΙΕΓΚΟ, Καλιφόρνια, 10. — Ἑλικόπτερα ἀμερικανικοῦ ἀεροπλανοφόρου διέσωσαν 52 μέλη τοῦ πληρώματος προσαράξαντος βρεταννικοῦ φορτηγοῦ.

ΣΑΝ ΝΤΙΕΓΚΟ, Καλιφόρνια, 10. — Ἑλικόπτερα ἀμερικανικοῦ ἀεροπλανοφόρου διέσωσαν 52 μέλη τοῦ πληρώματος προσαράξαντος βρεταννικοῦ φορτηγοῦ.

ΟΙ ΥΠΟΥΡΓΟΙ ΤΩΝ ΕΞΩΤΕΡΙΚΩΝ ΤΟΝΙΖΕΙ Ο ΧΕΡΤΕΡ ΔΕΟΝ ΝΑ ΣΥΝΕΡΧΩΝΤΑΙ ΚΑΤ' ΑΡΑΙΑ ΔΙΑΣΤΗΜΑΤΑ ΟΥΔΕΠΟΤΕ ΔΕ Η ΣΠΑΝΙΩΣ ΟΙ ΑΡΧΗΓΟΙ ΤΩΝ ΚΡΑΤΩΝ

ΟΥΑΣΙΓΚΤΩΝ, 10. (Ἀσ. Πρέσ). — Ὁ ὑπουργὸς τῶν Ἐξωτερικῶν κ. Χέρτερ ἐτόνισεν ὅτι οἱ ὑπουργοὶ τῶν Ἐξωτερικῶν δέον νὰ συνέρχωνται κατ' ἀραιὰ διαστήματα.

ΟΥΑΣΙΓΚΤΩΝ, 10. (Ἀσ. Πρέσ). — Ὁ ὑπουργὸς τῶν Ἐξωτερικῶν κ. Χέρτερ ἐτόνισεν ὅτι οἱ ὑπουργοὶ τῶν Ἐξωτερικῶν δέον νὰ συνέρχωνται κατ' ἀραιὰ διαστήματα.

ΣΥΝΕΛΗΦΘΗ ΕΙΣ ΤΟ ΠΑΡΙΣΙ ΕΙΣ ΓΥΜΝΑΣΙΟΛΑΞ ΦΕΡΩΝ ΜΕΘ' ΕΑΥΤΟΥ 74.000 ΔΟΛΛΑΡΙΑ ΔΙ' ΕΝΙΣΧΥΣΙΝ ΤΩΝ ΑΝΤΑΡΤΩΝ ΤΟΥ ΑΛΓΕΡΙΟΥ

ΠΑΡΙΣΙΟΙ, 10. (Ἀσ. Πρέσ). — Συνελήφθη γυμνασιόπαις φέρων μεθ' ἑαυτοῦ 74.000 δολλάρια δι' ἐνίσχυσιν τῶν ἀνταρτῶν τοῦ Ἀλγερίου.

ΠΑΡΙΣΙΟΙ, 10. (Ἀσ. Πρέσ). — Συνελήφθη γυμνασιόπαις φέρων μεθ' ἑαυτοῦ 74.000 δολλάρια δι' ἐνίσχυσιν τῶν ἀνταρτῶν τοῦ Ἀλγερίου.

ΠΑΡΙΣΙΟΙ, 10. (Ἀσ. Πρέσ). — Συνελήφθη γυμνασιόπαις φέρων μεθ' ἑαυτοῦ 74.000 δολλάρια δι' ἐνίσχυσιν τῶν ἀνταρτῶν τοῦ Ἀλγερίου.

ΤΟΝ Κ. ΣΙΜΙΓΚΤΩΝ ΘΕΩΡΕΙ Ο Κ. ΧΑΡΡΥ ΤΡΟΥΜΑΝ ΩΣ ΚΑΛΥΤΕΡΟΝ ΥΠΟΨΗΦΙΟΝ ΤΩΝ ΔΗΜΟΚΡΑΤΙΚΩΝ

ΝΕΑ ΥΟΡΚΗ, 10. (Ἀσ. Πρέσ). — Ὁ πρώην πρόεδρος κ. Χάρρυ Τρούμαν θεωρεῖ τὸν γερουσιαστὴν κ. Σίμιγκτων ὡς καλύτερον ὑποψήφιον τῶν Δημοκρατικῶν.

ΝΕΑ ΥΟΡΚΗ, 10. (Ἀσ. Πρέσ). — Ὁ πρώην πρόεδρος κ. Χάρρυ Τρούμαν θεωρεῖ τὸν γερουσιαστὴν κ. Σίμιγκτων ὡς καλύτερον ὑποψήφιον τῶν Δημοκρατικῶν.

ΝΕΑ ΥΟΡΚΗ, 10. (Ἀσ. Πρέσ). — Ὁ πρώην πρόεδρος κ. Χάρρυ Τρούμαν θεωρεῖ τὸν γερουσιαστὴν κ. Σίμιγκτων ὡς καλύτερον ὑποψήφιον τῶν Δημοκρατικῶν.
